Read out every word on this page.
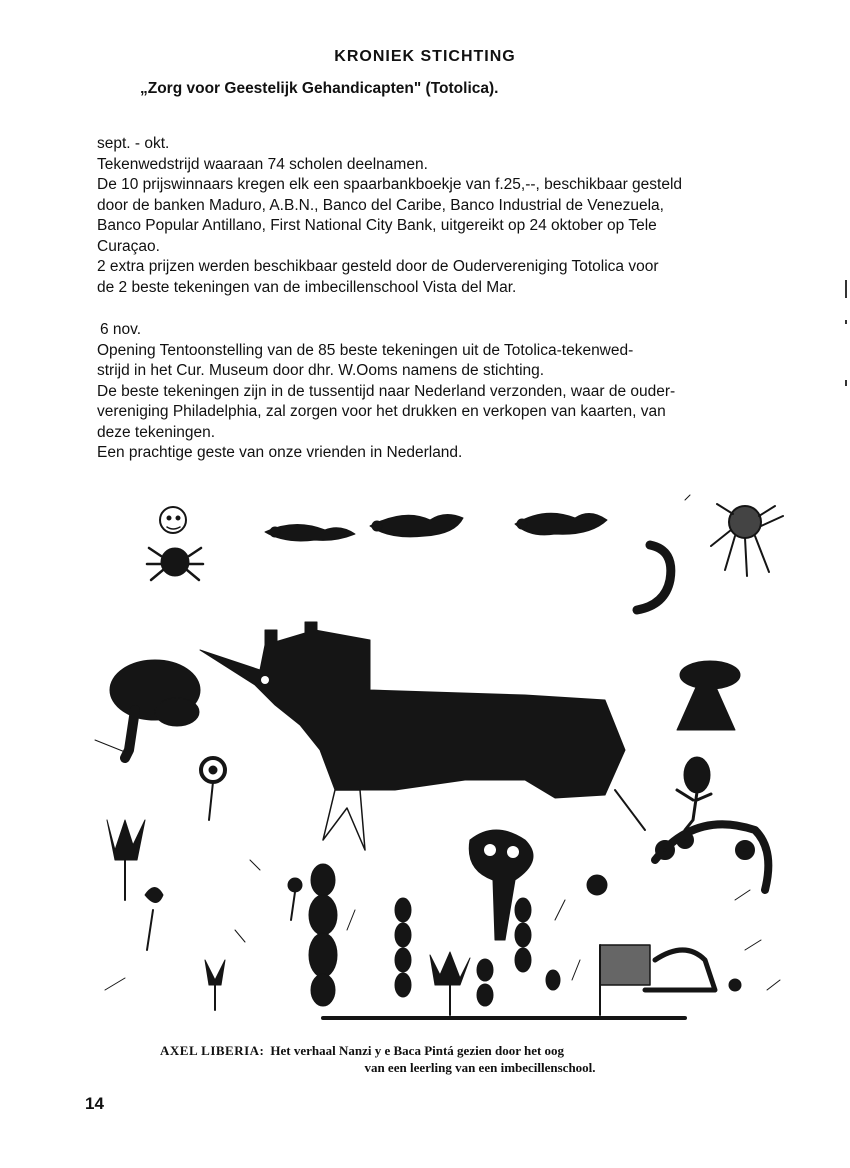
KRONIEK STICHTING
„Zorg voor Geestelijk Gehandicapten" (Totolica).

sept. - okt.

Tekenwedstrijd waaraan 74 scholen deelnamen.

De 10 prijswinnaars kregen elk een spaarbankboekje van f.25,--, beschikbaar gesteld

door de banken Maduro, A.B.N., Banco del Caribe, Banco Industrial de Venezuela,

Banco Popular Antillano, First National City Bank, uitgereikt op 24 oktober op Tele

Curaçao.

2 extra prijzen werden beschikbaar gesteld door de Oudervereniging Totolica voor

de 2 beste tekeningen van de imbecillenschool Vista del Mar.

6 nov.

Opening Tentoonstelling van de 85 beste tekeningen uit de Totolica-tekenwed-

strijd in het Cur. Museum door dhr. W.Ooms namens de stichting.

De beste tekeningen zijn in de tussentijd naar Nederland verzonden, waar de ouder-

vereniging Philadelphia, zal zorgen voor het drukken en verkopen van kaarten, van

deze tekeningen.

Een prachtige geste van onze vrienden in Nederland.

AXEL LIBERIA: Het verhaal Nanzi y e Baca Pintá gezien door het oog
van een leerling van een imbecillenschool.
14
